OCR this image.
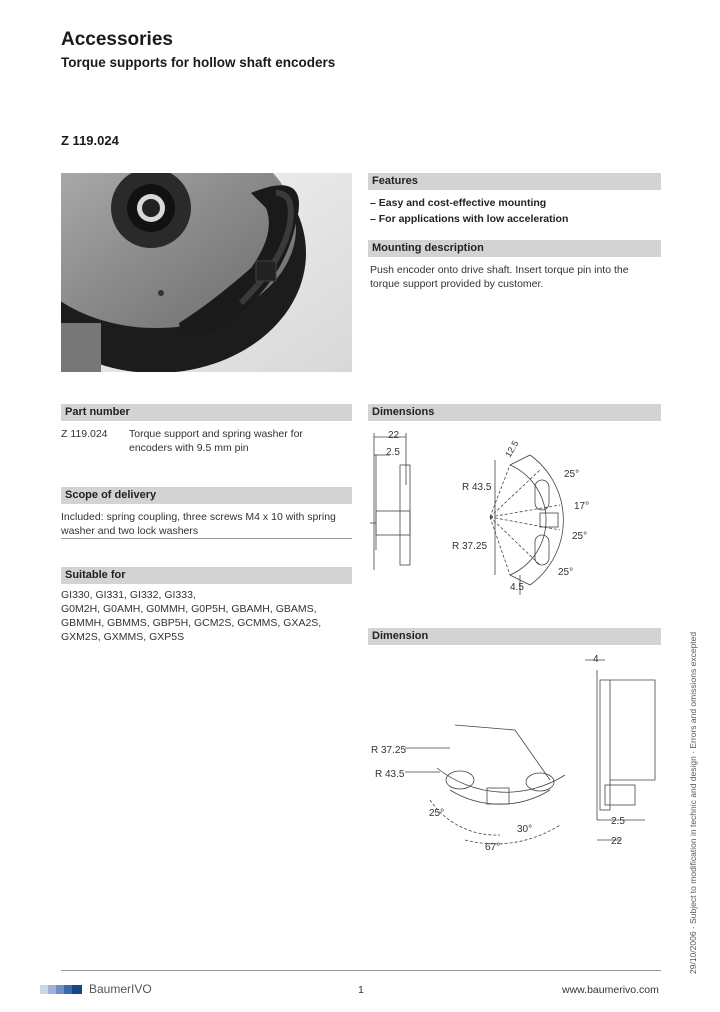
Accessories
Torque supports for hollow shaft encoders
Z 119.024
Features
– Easy and cost-effective mounting
– For applications with low acceleration
Mounting description
Push encoder onto drive shaft. Insert torque pin into the torque support provided by customer.
Part number
Z 119.024 Torque support and spring washer for encoders with 9.5 mm pin
Scope of delivery
Included: spring coupling, three screws M4 x 10 with spring washer and two lock washers
Suitable for
GI330, GI331, GI332, GI333,
G0M2H, G0AMH, G0MMH, G0P5H, GBAMH, GBAMS,
GBMMH, GBMMS, GBP5H, GCM2S, GCMMS, GXA2S,
GXM2S, GXMMS, GXP5S
Dimensions
22
2.5
R 43.5
R 37.25
25°
17°
25°
25°
12.5
4.5
Dimension
4
R 37.25
R 43.5
25°
30°
67°
2.5
22	29/10/2006 · Subject to modification in technic and design · Errors and omissions excepted
BaumerIVO	1	www.baumerivo.com
